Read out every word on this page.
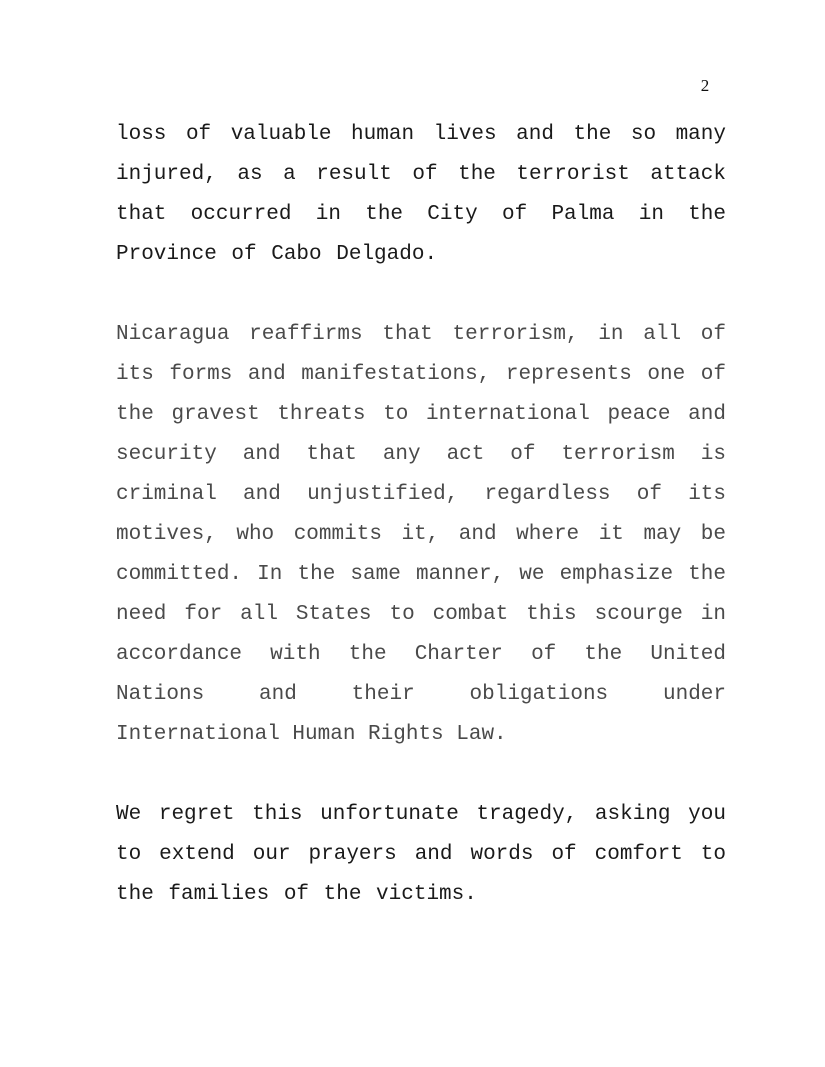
2

loss of valuable human lives and the so many injured, as a result of the terrorist attack that occurred in the City of Palma in the Province of Cabo Delgado.

Nicaragua reaffirms that terrorism, in all of its forms and manifestations, represents one of the gravest threats to international peace and security and that any act of terrorism is criminal and unjustified, regardless of its motives, who commits it, and where it may be committed. In the same manner, we emphasize the need for all States to combat this scourge in accordance with the Charter of the United Nations and their obligations under International Human Rights Law.

We regret this unfortunate tragedy, asking you to extend our prayers and words of comfort to the families of the victims.
